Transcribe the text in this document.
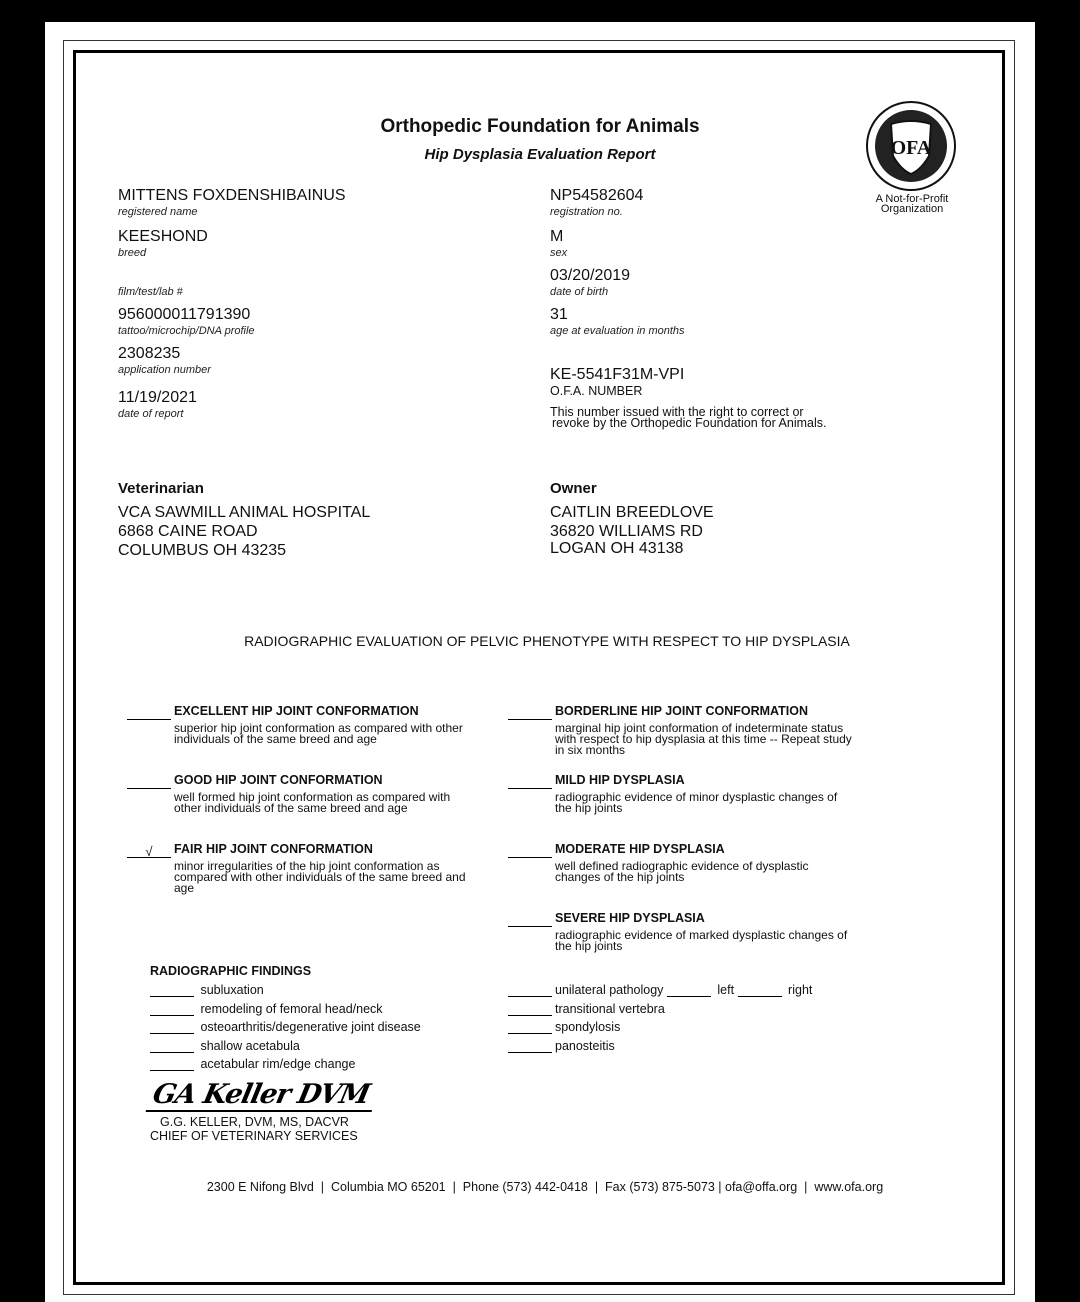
Orthopedic Foundation for Animals
Hip Dysplasia Evaluation Report	OFA
A Not-for-Profit Organization
MITTENS FOXDENSHIBAINUS
registered name
KEESHOND
breed
film/test/lab #
956000011791390
tattoo/microchip/DNA profile
2308235
application number
11/19/2021
date of report
NP54582604
registration no.
M
sex
03/20/2019
date of birth
31
age at evaluation in months
KE-5541F31M-VPI
O.F.A. NUMBER
This number issued with the right to correct or
revoke by the Orthopedic Foundation for Animals.
Veterinarian
VCA SAWMILL ANIMAL HOSPITAL
6868 CAINE ROAD
COLUMBUS OH 43235
Owner
CAITLIN BREEDLOVE
36820 WILLIAMS RD
LOGAN OH 43138
RADIOGRAPHIC EVALUATION OF PELVIC PHENOTYPE WITH RESPECT TO HIP DYSPLASIA
EXCELLENT HIP JOINT CONFORMATION
superior hip joint conformation as compared with other individuals of the same breed and age
GOOD HIP JOINT CONFORMATION
well formed hip joint conformation as compared with other individuals of the same breed and age
√ FAIR HIP JOINT CONFORMATION
minor irregularities of the hip joint conformation as compared with other individuals of the same breed and age
BORDERLINE HIP JOINT CONFORMATION
marginal hip joint conformation of indeterminate status with respect to hip dysplasia at this time -- Repeat study in six months
MILD HIP DYSPLASIA
radiographic evidence of minor dysplastic changes of the hip joints
MODERATE HIP DYSPLASIA
well defined radiographic evidence of dysplastic changes of the hip joints
SEVERE HIP DYSPLASIA
radiographic evidence of marked dysplastic changes of the hip joints
RADIOGRAPHIC FINDINGS
subluxation
remodeling of femoral head/neck
osteoarthritis/degenerative joint disease
shallow acetabula
acetabular rim/edge change
unilateral pathology	left	right
transitional vertebra
spondylosis
panosteitis
GA Keller DVM
G.G. KELLER, DVM, MS, DACVR
CHIEF OF VETERINARY SERVICES
2300 E Nifong Blvd  |  Columbia MO 65201  |  Phone (573) 442-0418  |  Fax (573) 875-5073 | ofa@offa.org  |  www.ofa.org
